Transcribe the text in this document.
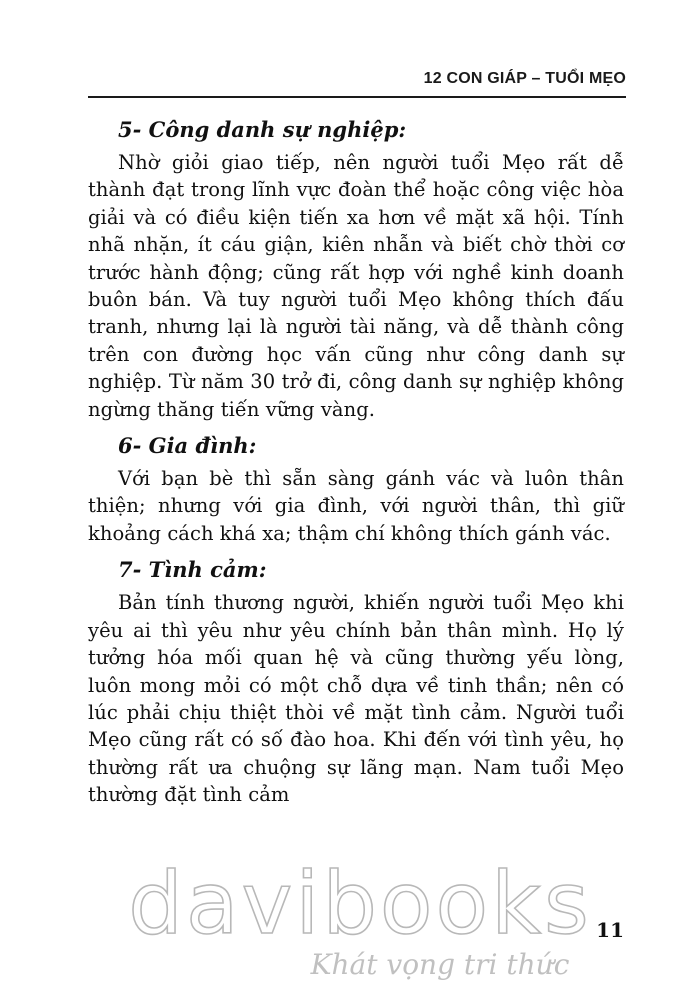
12 CON GIÁP – TUỔI MẸO
5- Công danh sự nghiệp:

Nhờ giỏi giao tiếp, nên người tuổi Mẹo rất dễ thành đạt trong lĩnh vực đoàn thể hoặc công việc hòa giải và có điều kiện tiến xa hơn về mặt xã hội. Tính nhã nhặn, ít cáu giận, kiên nhẫn và biết chờ thời cơ trước hành động; cũng rất hợp với nghề kinh doanh buôn bán. Và tuy người tuổi Mẹo không thích đấu tranh, nhưng lại là người tài năng, và dễ thành công trên con đường học vấn cũng như công danh sự nghiệp. Từ năm 30 trở đi, công danh sự nghiệp không ngừng thăng tiến vững vàng.

6- Gia đình:

Với bạn bè thì sẵn sàng gánh vác và luôn thân thiện; nhưng với gia đình, với người thân, thì giữ khoảng cách khá xa; thậm chí không thích gánh vác.

7- Tình cảm:

Bản tính thương người, khiến người tuổi Mẹo khi yêu ai thì yêu như yêu chính bản thân mình. Họ lý tưởng hóa mối quan hệ và cũng thường yếu lòng, luôn mong mỏi có một chỗ dựa về tinh thần; nên có lúc phải chịu thiệt thòi về mặt tình cảm. Người tuổi Mẹo cũng rất có số đào hoa. Khi đến với tình yêu, họ thường rất ưa chuộng sự lãng mạn. Nam tuổi Mẹo thường đặt tình cảm

11
davibooks
Khát vọng tri thức
